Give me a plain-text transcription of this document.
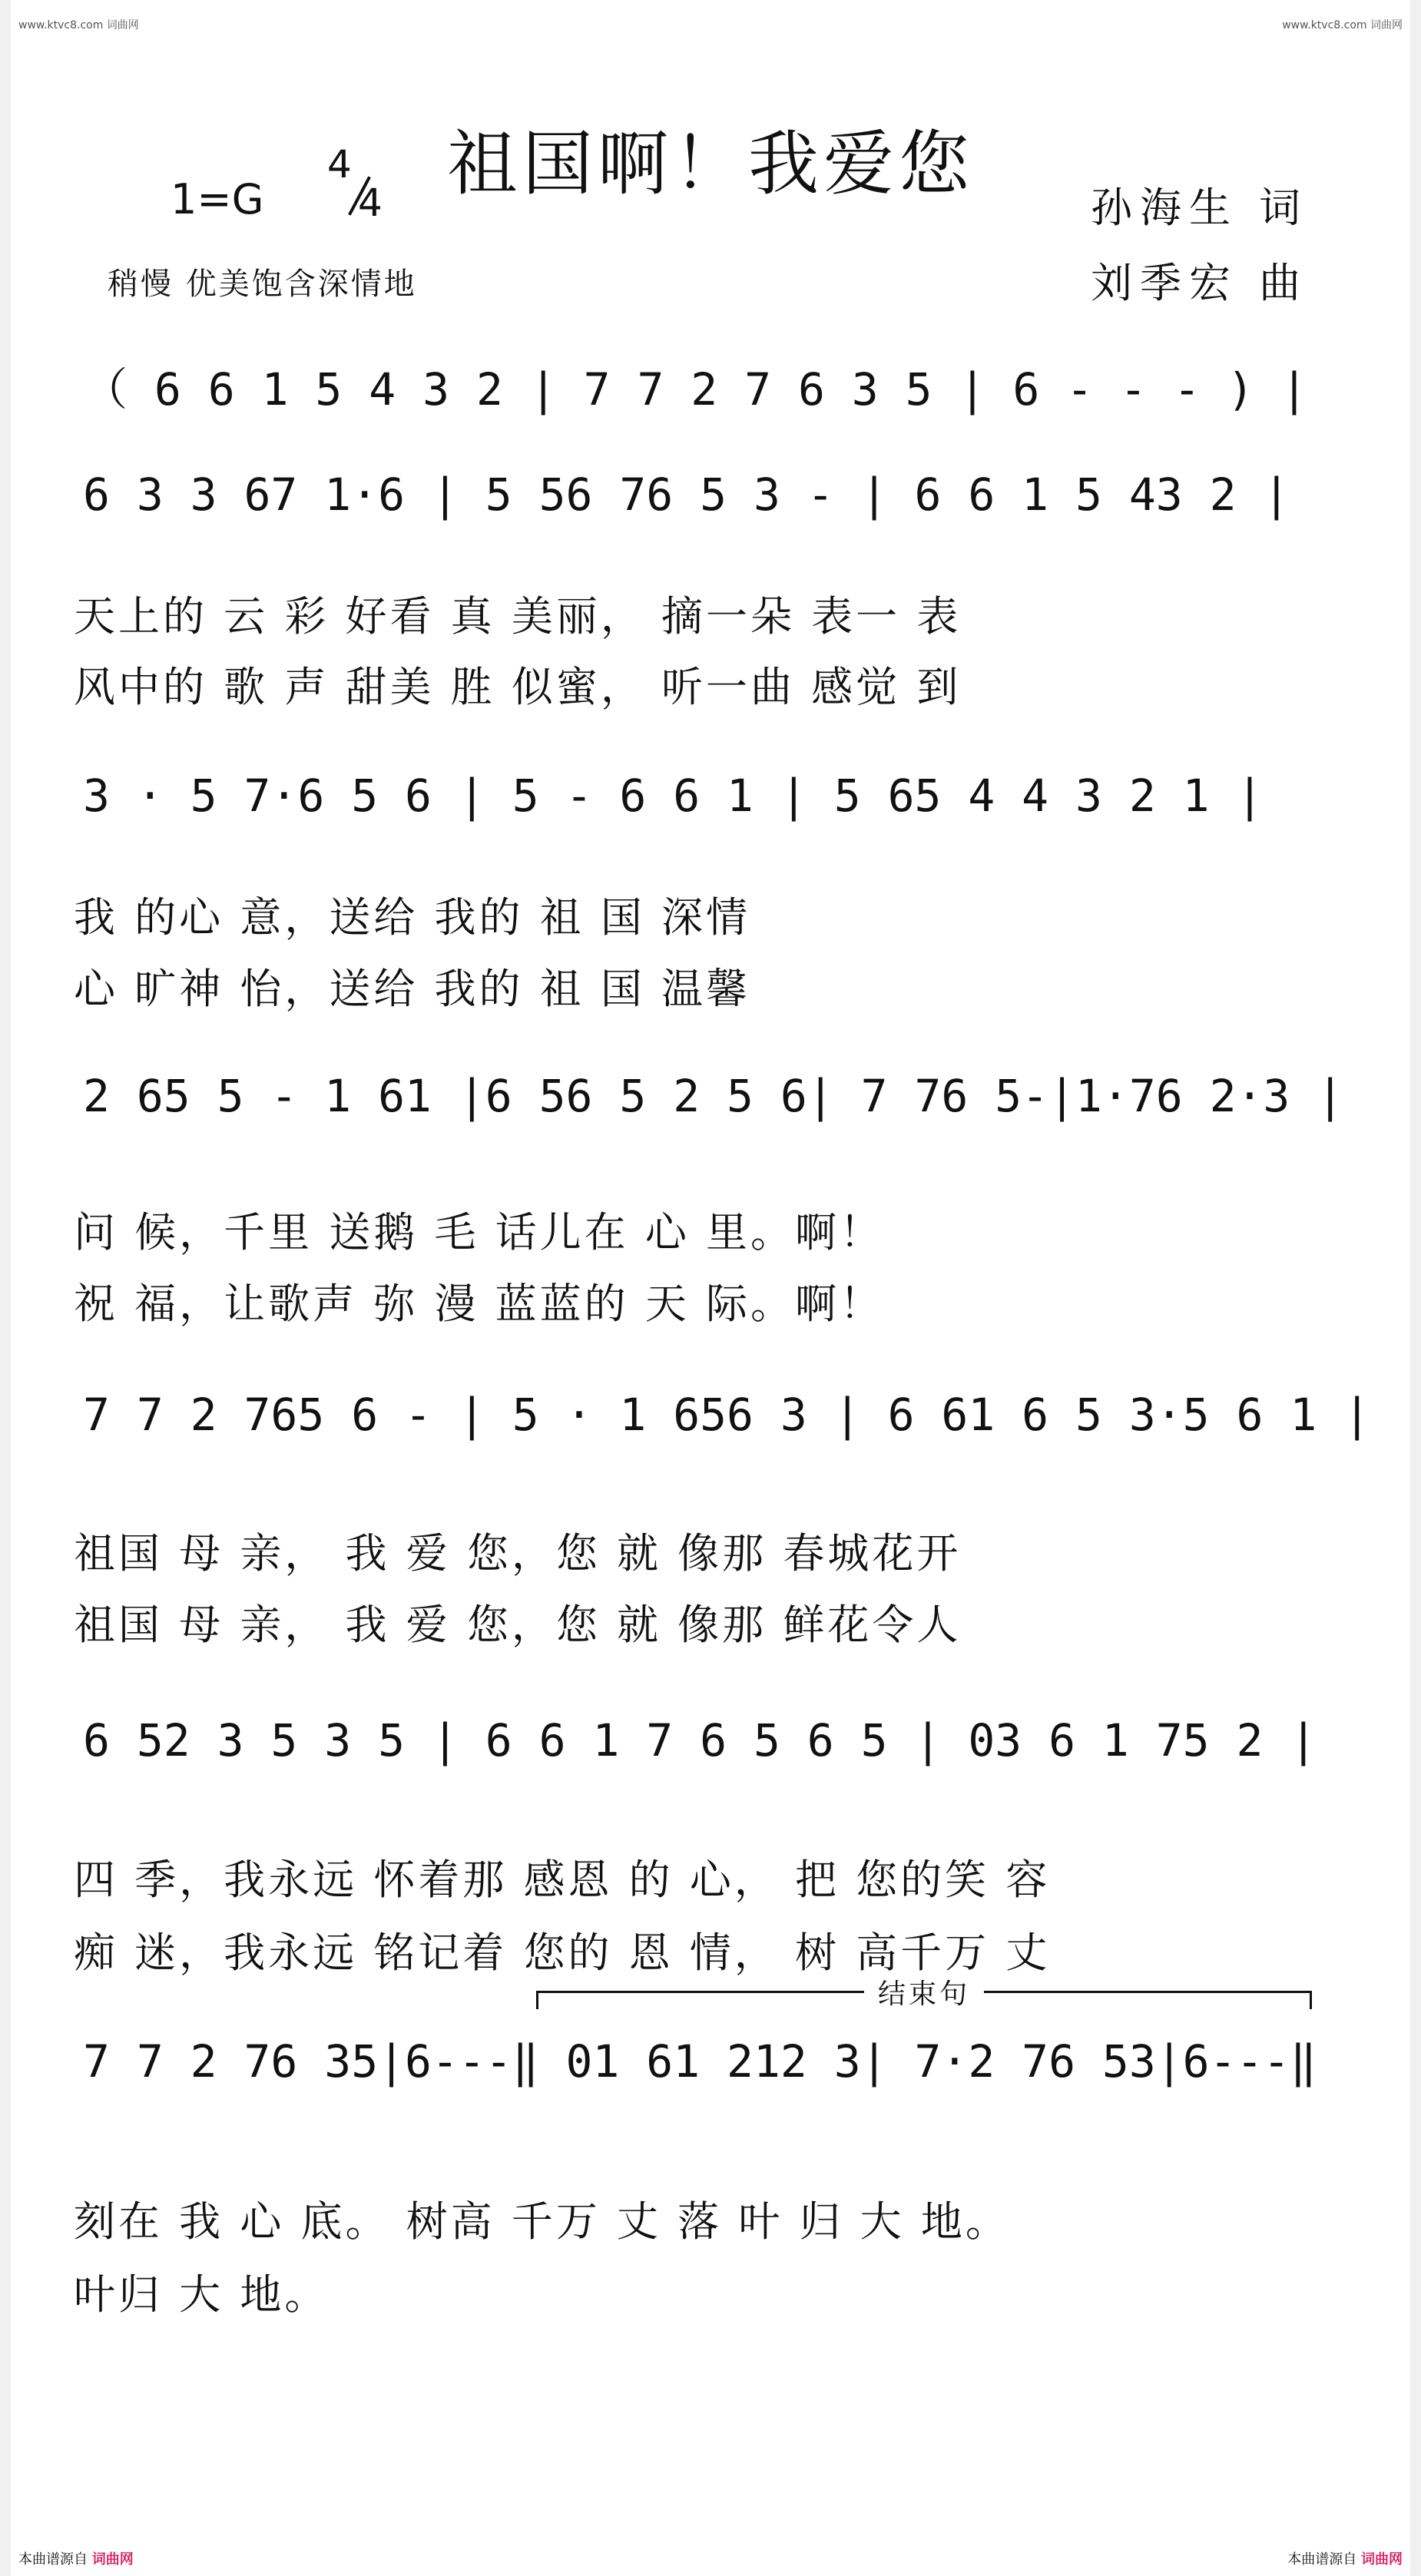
www.ktvc8.com 词曲网	www.ktvc8.com 词曲网
祖国啊！我爱您
1=G
4
4
稍慢 优美饱含深情地
孙海生 词
刘季宏 曲
（ 6 6 1 5 4 3 2 | 7 7 2 7 6 3 5 | 6 - - - ) |
6 3 3 67 1·6 | 5 56 76 5 3 - | 6 6 1 5 43 2 |
天上的 云 彩 好看 真 美丽， 摘一朵 表一 表
风中的 歌 声 甜美 胜 似蜜， 听一曲 感觉 到
3 · 5 7·6 5 6 | 5 - 6 6 1 | 5 65 4 4 3 2 1 |
我 的心 意，送给 我的 祖 国 深情
心 旷神 怡，送给 我的 祖 国 温馨
2 65 5 - 1 61 |6 56 5 2 5 6| 7 76 5-|1·76 2·3 |
问 候，千里 送鹅 毛 话儿在 心 里。啊！
祝 福，让歌声 弥 漫 蓝蓝的 天 际。啊！
7 7 2 765 6 - | 5 · 1 656 3 | 6 61 6 5 3·5 6 1 |
祖国 母 亲， 我 爱 您，您 就 像那 春城花开
祖国 母 亲， 我 爱 您，您 就 像那 鲜花令人
6 52 3 5 3 5 | 6 6 1 7 6 5 6 5 | 03 6 1 75 2 |
四 季，我永远 怀着那 感恩 的 心， 把 您的笑 容
痴 迷，我永远 铭记着 您的 恩 情， 树 高千万 丈
结束句
7 7 2 76 35|6---‖ 01 61 212 3| 7·2 76 53|6---‖
刻在 我 心 底。 树高 千万 丈 落 叶 归 大 地。
叶归 大 地。
本曲谱源自 词曲网	本曲谱源自 词曲网
